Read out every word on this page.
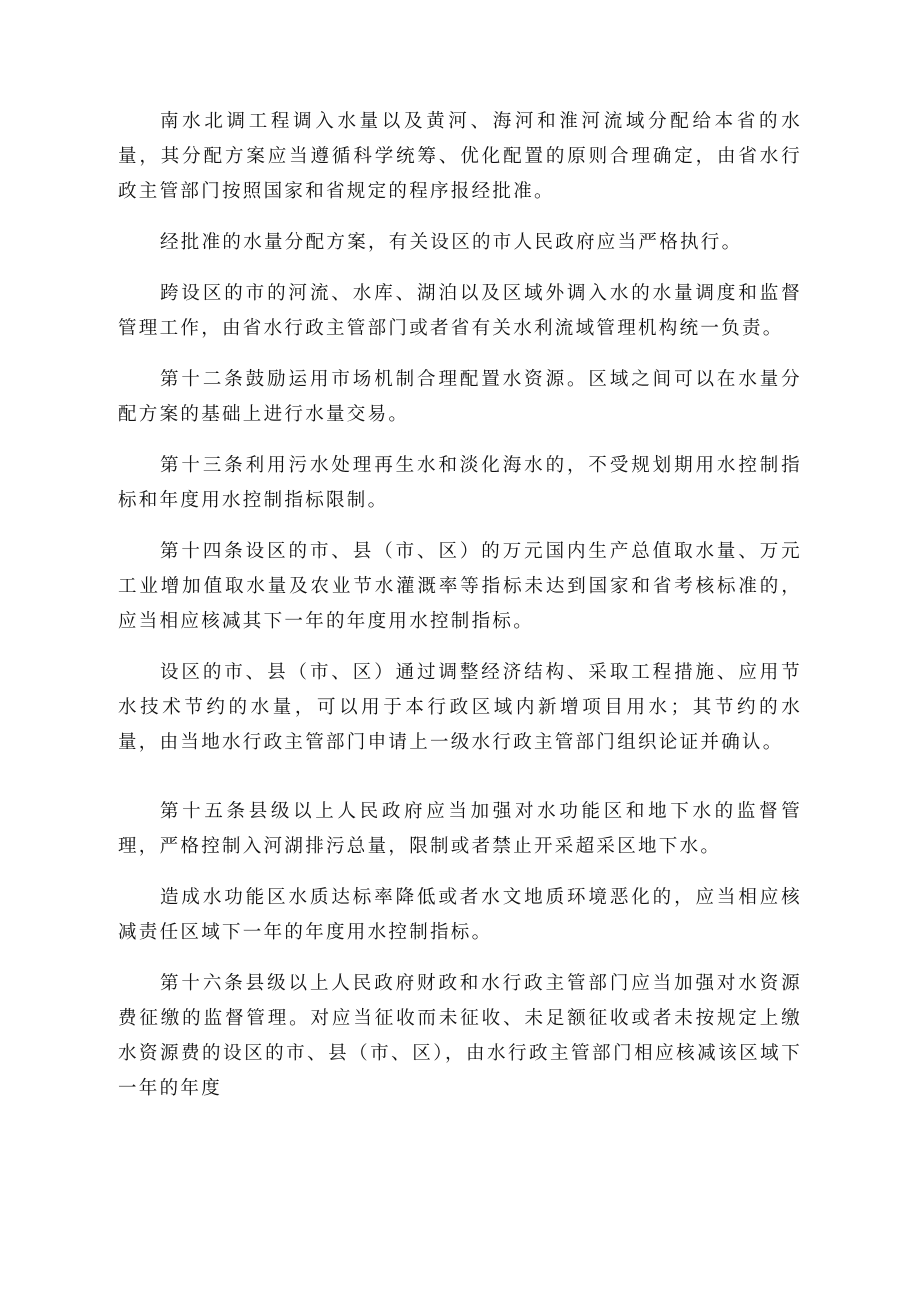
南水北调工程调入水量以及黄河、海河和淮河流域分配给本省的水量，其分配方案应当遵循科学统筹、优化配置的原则合理确定，由省水行政主管部门按照国家和省规定的程序报经批准。

经批准的水量分配方案，有关设区的市人民政府应当严格执行。

跨设区的市的河流、水库、湖泊以及区域外调入水的水量调度和监督管理工作，由省水行政主管部门或者省有关水利流域管理机构统一负责。

第十二条鼓励运用市场机制合理配置水资源。区域之间可以在水量分配方案的基础上进行水量交易。

第十三条利用污水处理再生水和淡化海水的，不受规划期用水控制指标和年度用水控制指标限制。

第十四条设区的市、县（市、区）的万元国内生产总值取水量、万元工业增加值取水量及农业节水灌溉率等指标未达到国家和省考核标准的，应当相应核减其下一年的年度用水控制指标。

设区的市、县（市、区）通过调整经济结构、采取工程措施、应用节水技术节约的水量，可以用于本行政区域内新增项目用水；其节约的水量，由当地水行政主管部门申请上一级水行政主管部门组织论证并确认。

第十五条县级以上人民政府应当加强对水功能区和地下水的监督管理，严格控制入河湖排污总量，限制或者禁止开采超采区地下水。

造成水功能区水质达标率降低或者水文地质环境恶化的，应当相应核减责任区域下一年的年度用水控制指标。

第十六条县级以上人民政府财政和水行政主管部门应当加强对水资源费征缴的监督管理。对应当征收而未征收、未足额征收或者未按规定上缴水资源费的设区的市、县（市、区），由水行政主管部门相应核减该区域下一年的年度
